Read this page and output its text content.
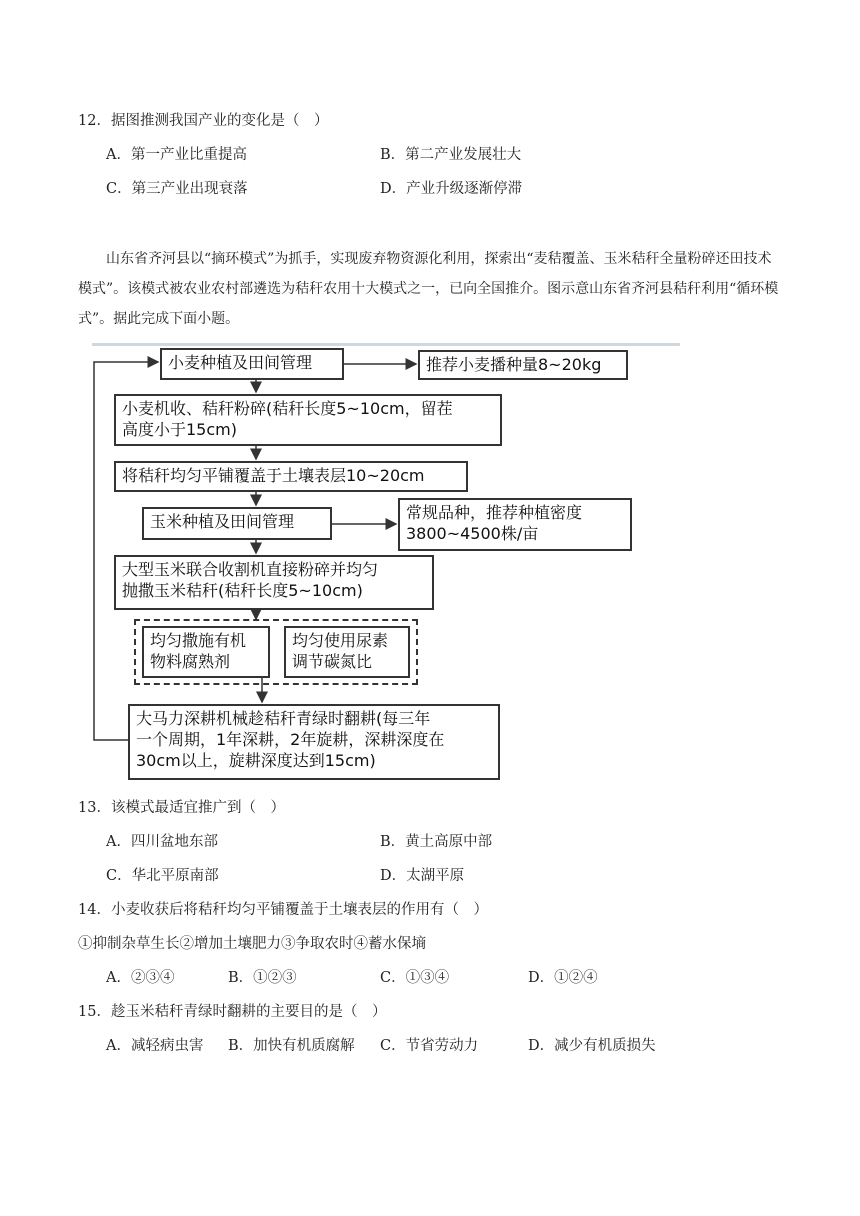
12．据图推测我国产业的变化是（　）
A．第一产业比重提高	B．第二产业发展壮大
C．第三产业出现衰落	D．产业升级逐渐停滞
山东省齐河县以“摘环模式”为抓手，实现废弃物资源化利用，探索出“麦秸覆盖、玉米秸秆全量粉碎还田技术模式”。该模式被农业农村部遴选为秸秆农用十大模式之一，已向全国推介。图示意山东省齐河县秸秆利用“循环模式”。据此完成下面小题。
小麦种植及田间管理	推荐小麦播种量8~20kg
小麦机收、秸秆粉碎(秸秆长度5~10cm，留茬
高度小于15cm)
将秸秆均匀平铺覆盖于土壤表层10~20cm
玉米种植及田间管理	常规品种，推荐种植密度
3800~4500株/亩
大型玉米联合收割机直接粉碎并均匀
抛撒玉米秸秆(秸秆长度5~10cm)
均匀撒施有机
物料腐熟剂
均匀使用尿素
调节碳氮比
大马力深耕机械趁秸秆青绿时翻耕(每三年
一个周期，1年深耕，2年旋耕，深耕深度在
30cm以上，旋耕深度达到15cm)
13．该模式最适宜推广到（　）
A．四川盆地东部	B．黄土高原中部
C．华北平原南部	D．太湖平原
14．小麦收获后将秸秆均匀平铺覆盖于土壤表层的作用有（　）
①抑制杂草生长②增加土壤肥力③争取农时④蓄水保墒
A．②③④	B．①②③	C．①③④	D．①②④
15．趁玉米秸秆青绿时翻耕的主要目的是（　）
A．减轻病虫害 B．加快有机质腐解 C．节省劳动力	D．减少有机质损失
